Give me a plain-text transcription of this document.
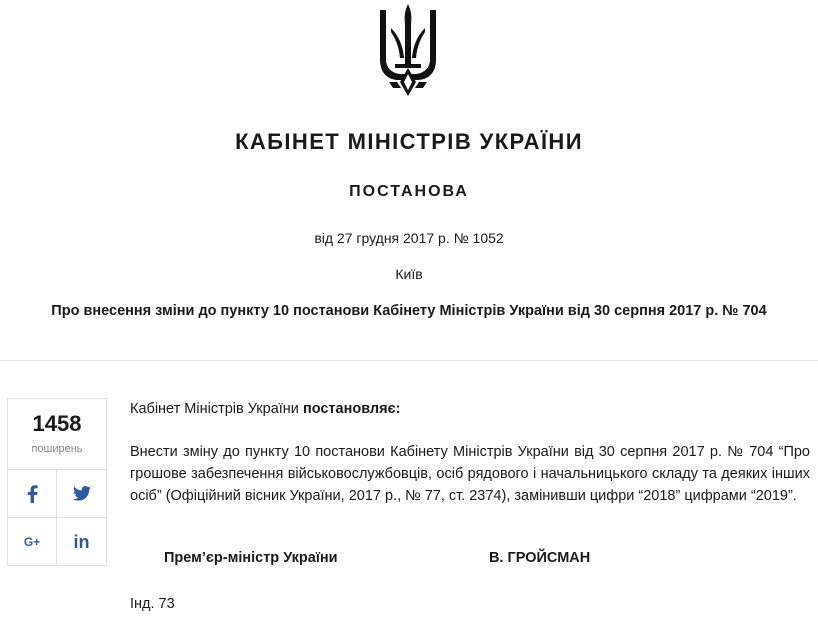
КАБІНЕТ МІНІСТРІВ УКРАЇНИ
ПОСТАНОВА
від 27 грудня 2017 р. № 1052
Київ
Про внесення зміни до пункту 10 постанови Кабінету Міністрів України від 30 серпня 2017 р. № 704
1458
поширень
G+ in
Кабінет Міністрів України постановляє:
Внести зміну до пункту 10 постанови Кабінету Міністрів України від 30 серпня 2017 р. № 704 “Про грошове забезпечення військовослужбовців, осіб рядового і начальницького складу та деяких інших осіб” (Офіційний вісник України, 2017 р., № 77, ст. 2374), замінивши цифри “2018” цифрами “2019”.
Прем’єр-міністр України	В. ГРОЙСМАН
Інд. 73
